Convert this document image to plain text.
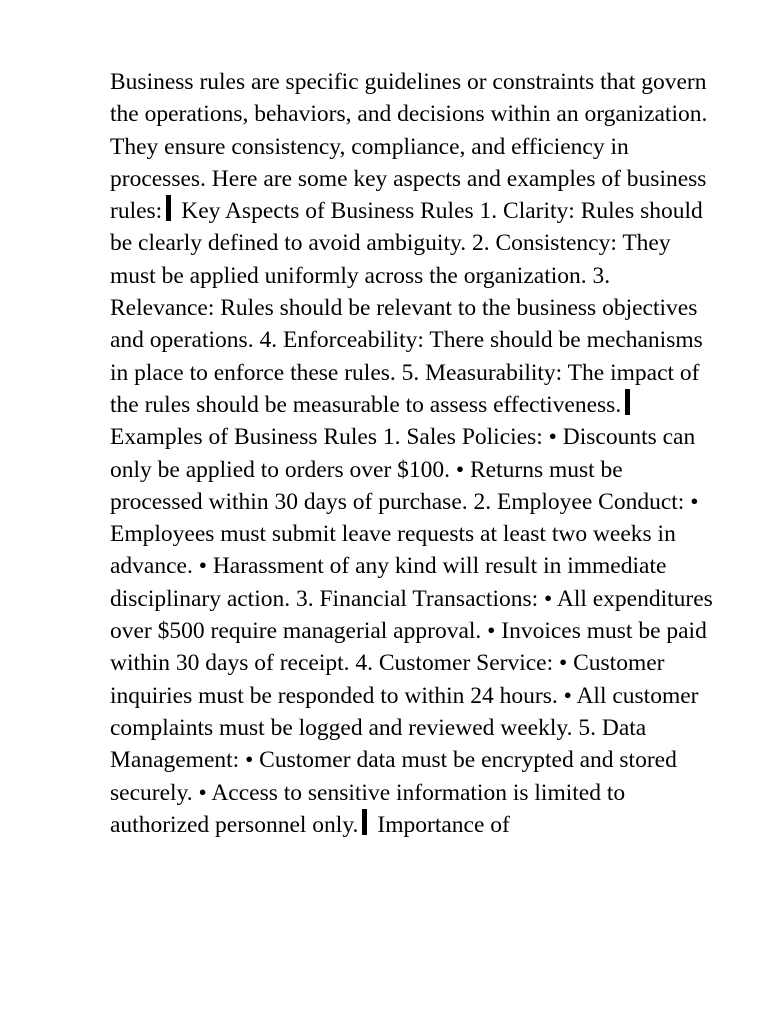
Business rules are specific guidelines or constraints that govern the operations, behaviors, and decisions within an organization. They ensure consistency, compliance, and efficiency in processes. Here are some key aspects and examples of business rules: Key Aspects of Business Rules 1. Clarity: Rules should be clearly defined to avoid ambiguity. 2. Consistency: They must be applied uniformly across the organization. 3. Relevance: Rules should be relevant to the business objectives and operations. 4. Enforceability: There should be mechanisms in place to enforce these rules. 5. Measurability: The impact of the rules should be measurable to assess effectiveness.Examples of Business Rules 1. Sales Policies: • Discounts can only be applied to orders over $100. • Returns must be processed within 30 days of purchase. 2. Employee Conduct: • Employees must submit leave requests at least two weeks in advance. • Harassment of any kind will result in immediate disciplinary action. 3. Financial Transactions: • All expenditures over $500 require managerial approval. • Invoices must be paid within 30 days of receipt. 4. Customer Service: • Customer inquiries must be responded to within 24 hours. • All customer complaints must be logged and reviewed weekly. 5. Data Management: • Customer data must be encrypted and stored securely. • Access to sensitive information is limited to authorized personnel only. Importance of
